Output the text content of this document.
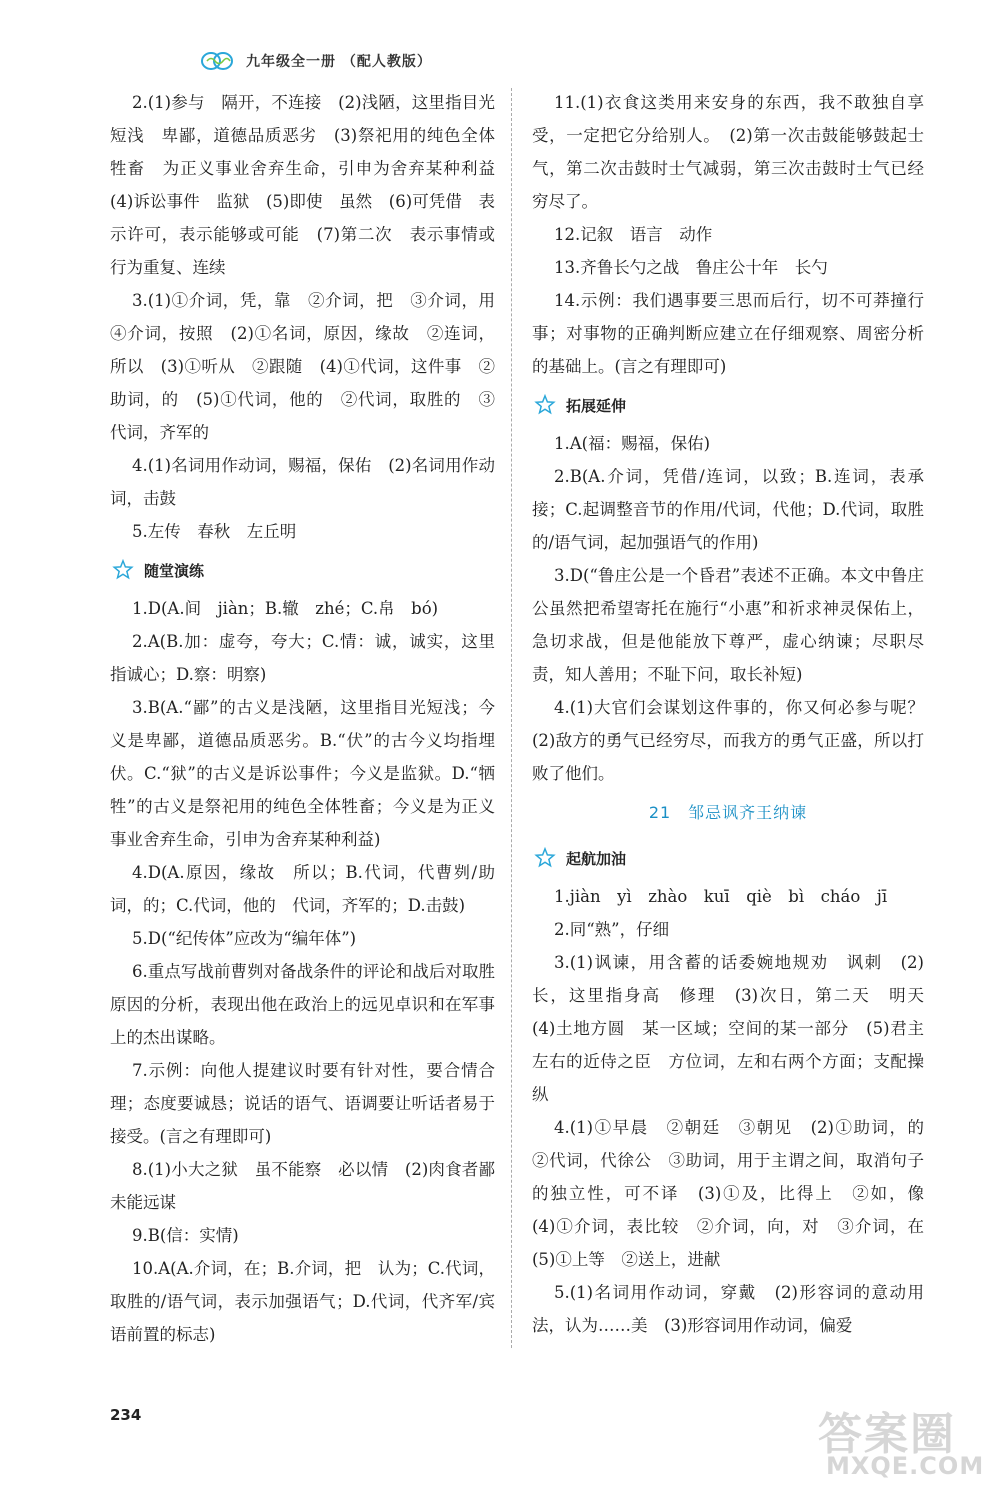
九年级全一册 （配人教版）

2.(1)参与　隔开，不连接　(2)浅陋，这里指目光短浅　卑鄙，道德品质恶劣　(3)祭祀用的纯色全体牲畜　为正义事业舍弃生命，引申为舍弃某种利益　(4)诉讼事件　监狱　(5)即使　虽然　(6)可凭借　表示许可，表示能够或可能　(7)第二次　表示事情或行为重复、连续

3.(1)①介词，凭，靠　②介词，把　③介词，用　④介词，按照　(2)①名词，原因，缘故　②连词，所以　(3)①听从　②跟随　(4)①代词，这件事　②助词，的　(5)①代词，他的　②代词，取胜的　③代词，齐军的

4.(1)名词用作动词，赐福，保佑　(2)名词用作动词，击鼓

5.左传　春秋　左丘明

随堂演练

1.D(A.间　jiàn；B.辙　zhé；C.帛　bó)

2.A(B.加：虚夸，夸大；C.情：诚，诚实，这里指诚心；D.察：明察)

3.B(A.“鄙”的古义是浅陋，这里指目光短浅；今义是卑鄙，道德品质恶劣。B.“伏”的古今义均指埋伏。C.“狱”的古义是诉讼事件；今义是监狱。D.“牺牲”的古义是祭祀用的纯色全体牲畜；今义是为正义事业舍弃生命，引申为舍弃某种利益)

4.D(A.原因，缘故　所以；B.代词，代曹刿/助词，的；C.代词，他的　代词，齐军的；D.击鼓)

5.D(“纪传体”应改为“编年体”)

6.重点写战前曹刿对备战条件的评论和战后对取胜原因的分析，表现出他在政治上的远见卓识和在军事上的杰出谋略。

7.示例：向他人提建议时要有针对性，要合情合理；态度要诚恳；说话的语气、语调要让听话者易于接受。(言之有理即可)

8.(1)小大之狱　虽不能察　必以情　(2)肉食者鄙　未能远谋

9.B(信：实情)

10.A(A.介词，在；B.介词，把　认为；C.代词，取胜的/语气词，表示加强语气；D.代词，代齐军/宾语前置的标志)

11.(1)衣食这类用来安身的东西，我不敢独自享受，一定把它分给别人。　(2)第一次击鼓能够鼓起士气，第二次击鼓时士气减弱，第三次击鼓时士气已经穷尽了。

12.记叙　语言　动作

13.齐鲁长勺之战　鲁庄公十年　长勺

14.示例：我们遇事要三思而后行，切不可莽撞行事；对事物的正确判断应建立在仔细观察、周密分析的基础上。(言之有理即可)

拓展延伸

1.A(福：赐福，保佑)

2.B(A.介词，凭借/连词，以致；B.连词，表承接；C.起调整音节的作用/代词，代他；D.代词，取胜的/语气词，起加强语气的作用)

3.D(“鲁庄公是一个昏君”表述不正确。本文中鲁庄公虽然把希望寄托在施行“小惠”和祈求神灵保佑上，急切求战，但是他能放下尊严，虚心纳谏；尽职尽责，知人善用；不耻下问，取长补短)

4.(1)大官们会谋划这件事的，你又何必参与呢？　(2)敌方的勇气已经穷尽，而我方的勇气正盛，所以打败了他们。

21　邹忌讽齐王纳谏
起航加油

1.jiàn　yì　zhào　kuī　qiè　bì　cháo　jī

2.同“熟”，仔细

3.(1)讽谏，用含蓄的话委婉地规劝　讽刺　(2)长，这里指身高　修理　(3)次日，第二天　明天　(4)土地方圆　某一区域；空间的某一部分　(5)君主左右的近侍之臣　方位词，左和右两个方面；支配操纵

4.(1)①早晨　②朝廷　③朝见　(2)①助词，的　②代词，代徐公　③助词，用于主谓之间，取消句子的独立性，可不译　(3)①及，比得上　②如，像　(4)①介词，表比较　②介词，向，对　③介词，在　(5)①上等　②送上，进献

5.(1)名词用作动词，穿戴　(2)形容词的意动用法，认为……美　(3)形容词用作动词，偏爱

234	答案圈
MXQE.COM
